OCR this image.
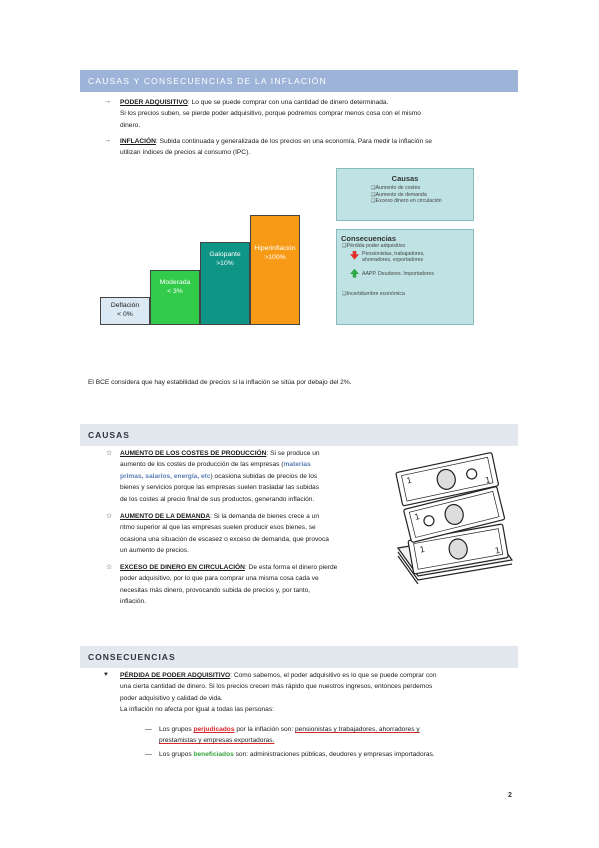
CAUSAS Y CONSECUENCIAS DE LA INFLACIÓN
→ PODER ADQUISITIVO: Lo que se puede comprar con una cantidad de dinero determinada.
Si los precios suben, se pierde poder adquisitivo, porque podremos comprar menos cosa con el mismo
dinero.
→ INFLACIÓN: Subida continuada y generalizada de los precios en una economía. Para medir la inflación se
utilizan índices de precios al consumo (IPC).
Deflación
< 0%
Moderada
< 3%
Galopante
>10%
Hiperinflación
>100%
Causas
❑Aumento de costes
❑Aumento de demanda
❑Exceso dinero en circulación
·
Consecuencias
❑Pérdida poder adquisitivo
Pensionistas, trabajadores,
ahorradores, exportadores
AAPP. Deudores. Importadores
❑Incertidumbre económica
El BCE considera que hay estabilidad de precios si la inflación se sitúa por debajo del 2%.
CAUSAS
☆ AUMENTO DE LOS COSTES DE PRODUCCIÓN: Si se produce un
aumento de los costes de producción de las empresas (materias
primas, salarios, energía, etc) ocasiona subidas de precios de los
bienes y servicios porque las empresas suelen trasladar las subidas
de los costes al precio final de sus productos, generando inflación.
☆ AUMENTO DE LA DEMANDA: Si la demanda de bienes crece a un
ritmo superior al que las empresas suelen producir esos bienes, se
ocasiona una situación de escasez o exceso de demanda, que provoca
un aumento de precios.
☆ EXCESO DE DINERO EN CIRCULACIÓN: De esta forma el dinero pierde
poder adquisitivo, por lo que para comprar una misma cosa cada ve
necesitas más dinero, provocando subida de precios y, por tanto,
inflación.
1	1
1
1	1
CONSECUENCIAS
♥ PÉRDIDA DE PODER ADQUISITIVO: Como sabemos, el poder adquisitivo es lo que se puede comprar con
una cierta cantidad de dinero. Si los precios crecen más rápido que nuestros ingresos, entonces perdemos
poder adquisitivo y calidad de vida.
La inflación no afecta por igual a todas las personas:
— Los grupos perjudicados por la inflación son: pensionistas y trabajadores, ahorradores y
prestamistas y empresas exportadoras.
— Los grupos beneficiados son: administraciones públicas, deudores y empresas importadoras.
2
